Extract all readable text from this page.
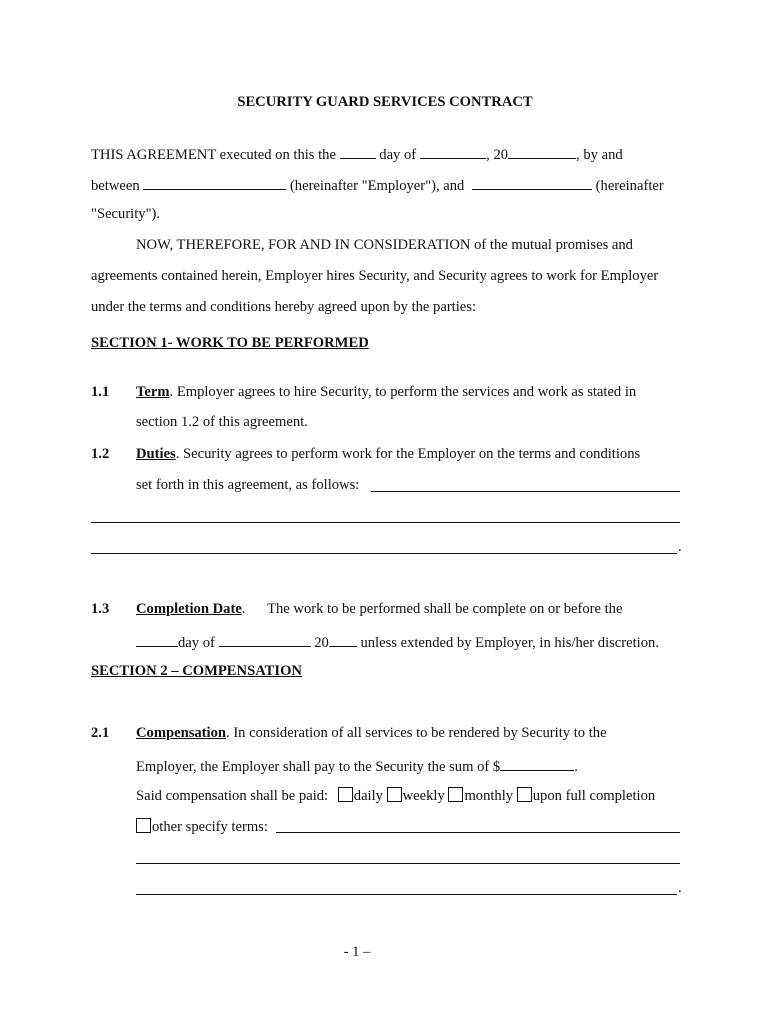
SECURITY GUARD SERVICES CONTRACT
THIS AGREEMENT executed on this the	day of	, 20	, by and
between	(hereinafter "Employer"), and	(hereinafter
"Security").
NOW, THEREFORE, FOR AND IN CONSIDERATION of the mutual promises and
agreements contained herein, Employer hires Security, and Security agrees to work for Employer
under the terms and conditions hereby agreed upon by the parties:
SECTION 1- WORK TO BE PERFORMED
1.1 Term. Employer agrees to hire Security, to perform the services and work as stated in
section 1.2 of this agreement.
1.2 Duties. Security agrees to perform work for the Employer on the terms and conditions
set forth in this agreement, as follows:
.
1.3 Completion Date.      The work to be performed shall be complete on or before the
day of	20 unless extended by Employer, in his/her discretion.
SECTION 2 – COMPENSATION
2.1 Compensation. In consideration of all services to be rendered by Security to the
Employer, the Employer shall pay to the Security the sum of $	.
Said compensation shall be paid: daily weekly monthly upon full completion
other specify terms:
.
- 1 –
